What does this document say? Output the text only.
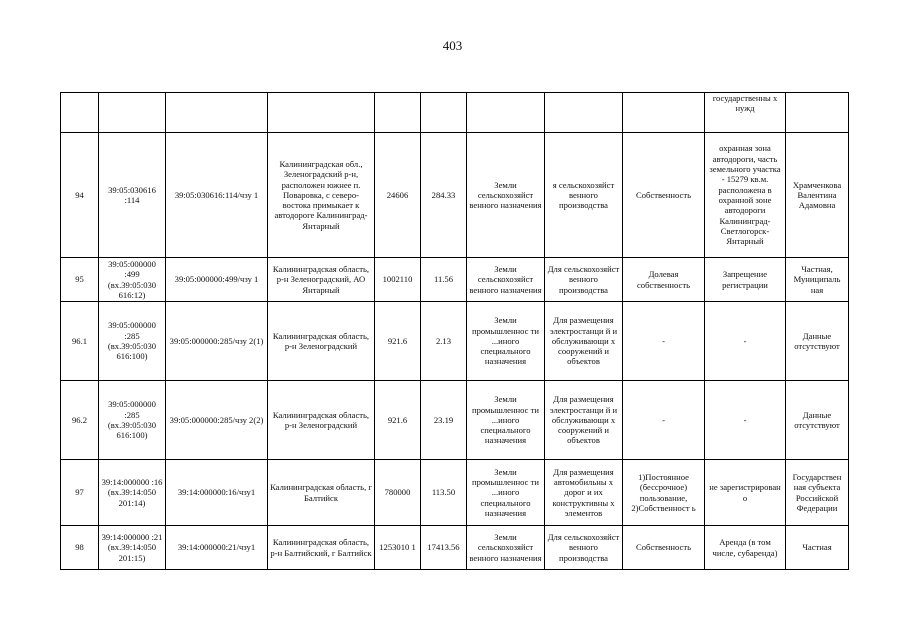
403
									государственны х нужд	
94	39:05:030616 :114	39:05:030616:114/чзу 1	Калининградская обл., Зеленоградский р-н, расположен южнее п. Поваровка, с северо-востока примыкает к автодороге Калининград-Янтарный	24606	284.33	Земли сельскохозяйст венного назначения	я сельскохозяйст венного производства	Собственность	охранная зона автодороги, часть земельного участка - 15279 кв.м. расположена в охранной зоне автодороги Калининград-Светлогорск-Янтарный	Храмченкова Валентина Адамовна
95	39:05:000000 :499 (вх.39:05:030 616:12)	39:05:000000:499/чзу 1	Калининградская область, р-н Зеленоградский, АО Янтарный	1002110	11.56	Земли сельскохозяйст венного назначения	Для сельскохозяйст венного производства	Долевая собственность	Запрещение регистрации	Частная, Муниципаль ная
96.1	39:05:000000 :285 (вх.39:05:030 616:100)	39:05:000000:285/чзу 2(1)	Калининградская область, р-н Зеленоградский	921.6	2.13	Земли промышленнос ти ...иного специального назначения	Для размещения электростанци й и обслуживающи х сооружений и объектов	-	-	Данные отсутствуют
96.2	39:05:000000 :285 (вх.39:05:030 616:100)	39:05:000000:285/чзу 2(2)	Калининградская область, р-н Зеленоградский	921.6	23.19	Земли промышленнос ти ...иного специального назначения	Для размещения электростанци й и обслуживающи х сооружений и объектов	-	-	Данные отсутствуют
97	39:14:000000 :16 (вх.39:14:050 201:14)	39:14:000000:16/чзу1	Калининградская область, г Балтийск	780000	113.50	Земли промышленнос ти ...иного специального назначения	Для размещения автомобильны х дорог и их конструктивны х элементов	1)Постоянное (бессрочное) пользование, 2)Собственност ь	не зарегистрирован о	Государствен ная субъекта Российской Федерации
98	39:14:000000 :21 (вх.39:14:050 201:15)	39:14:000000:21/чзу1	Калининградская область, р-н Балтийский, г Балтийск	1253010 1	17413.56	Земли сельскохозяйст венного назначения	Для сельскохозяйст венного производства	Собственность	Аренда (в том числе, субаренда)	Частная
